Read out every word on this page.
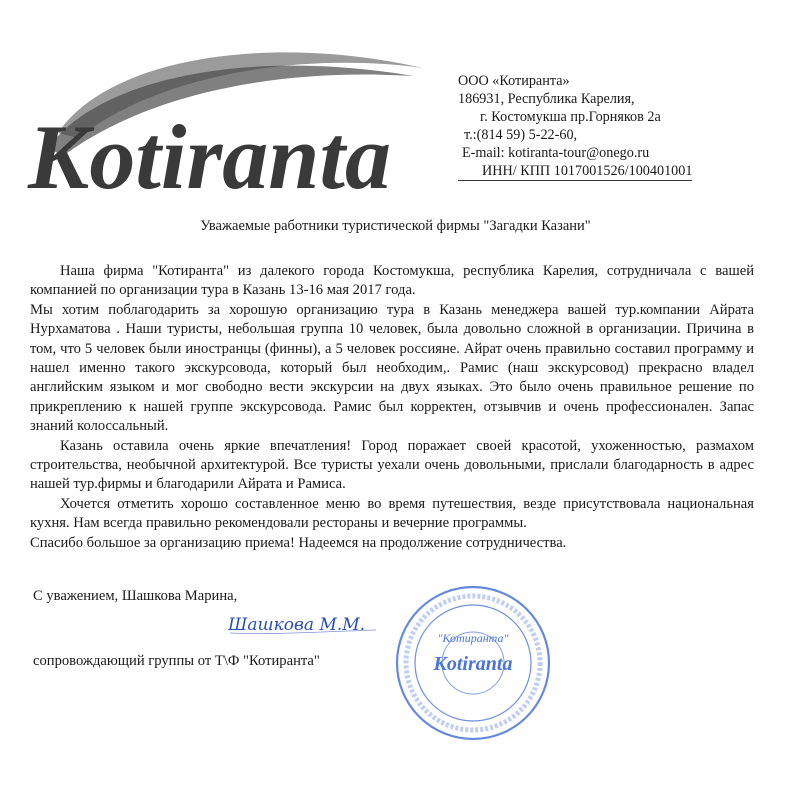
Kotiranta
ООО «Котиранта»
186931, Республика Карелия,
г. Костомукша пр.Горняков 2а
т.:(814 59) 5-22-60,
E-mail: kotiranta-tour@onego.ru
ИНН/ КПП 1017001526/100401001
Уважаемые работники туристической фирмы "Загадки Казани"

Наша фирма "Котиранта" из далекого города Костомукша, республика Карелия, сотрудничала с вашей компанией по организации тура в Казань 13-16 мая 2017 года.

Мы хотим поблагодарить за хорошую организацию тура в Казань менеджера вашей тур.компании Айрата Нурхаматова . Наши туристы, небольшая группа 10 человек, была довольно сложной в организации. Причина в том, что 5 человек были иностранцы (финны), а 5 человек россияне. Айрат очень правильно составил программу и нашел именно такого экскурсовода, который был необходим,. Рамис (наш экскурсовод) прекрасно владел английским языком и мог свободно вести экскурсии на двух языках. Это было очень правильное решение по прикреплению к нашей группе экскурсовода. Рамис был корректен, отзывчив и очень профессионален. Запас знаний колоссальный.

Казань оставила очень яркие впечатления! Город поражает своей красотой, ухоженностью, размахом строительства, необычной архитектурой. Все туристы уехали очень довольными, прислали благодарность в адрес нашей тур.фирмы и благодарили Айрата и Рамиса.

Хочется отметить хорошо составленное меню во время путешествия, везде присутствовала национальная кухня. Нам всегда правильно рекомендовали рестораны и вечерние программы.

Спасибо большое за организацию приема! Надеемся на продолжение сотрудничества.

С уважением, Шашкова Марина,
Шашкова М.М.
сопровождающий группы от Т\Ф "Котиранта"
"Котиранта"
Kotiranta
